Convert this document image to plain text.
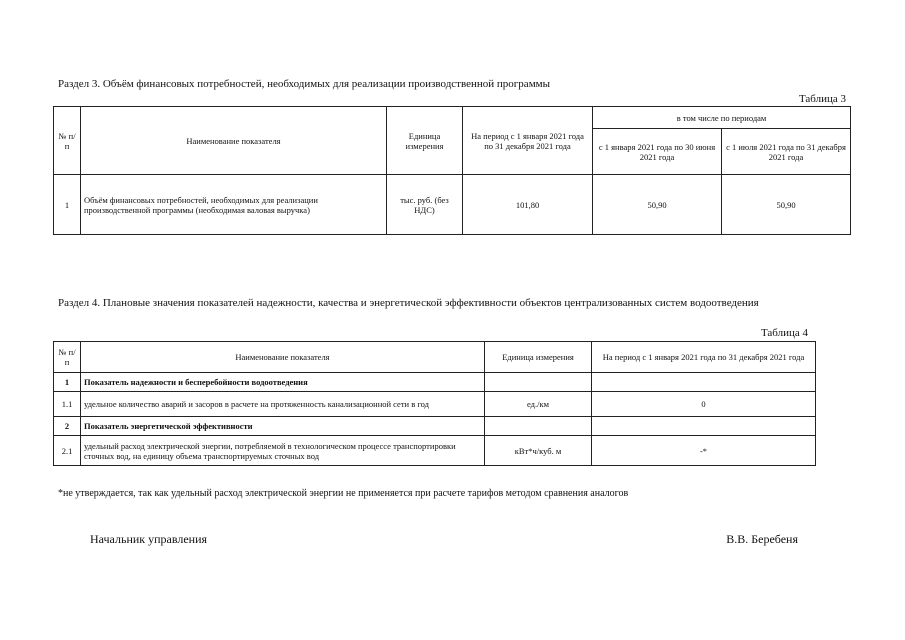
Раздел 3. Объём финансовых потребностей, необходимых для реализации производственной программы
Таблица 3
№ п/п	Наименование показателя	Единица измерения	На период с 1 января 2021 года по 31 декабря 2021 года	в том числе по периодам	
				с 1 января 2021 года по 30 июня 2021 года	с 1 июля 2021 года по 31 декабря 2021 года
1	Объём финансовых потребностей, необходимых для реализации производственной программы (необходимая валовая выручка)	тыс. руб. (без НДС)	101,80	50,90	50,90
Раздел 4. Плановые значения показателей надежности, качества и энергетической эффективности объектов централизованных систем водоотведения
Таблица 4
№ п/п	Наименование показателя	Единица измерения	На период с 1 января 2021 года по 31 декабря 2021 года
1	Показатель надежности и бесперебойности водоотведения		
1.1	удельное количество аварий и засоров в расчете на протяженность канализационной сети в год	ед./км	0
2	Показатель энергетической эффективности		
2.1	удельный расход электрической энергии, потребляемой в технологическом процессе транспортировки сточных вод, на единицу объема транспортируемых сточных вод	кВт*ч/куб. м	-*
*не утверждается, так как удельный расход электрической энергии не применяется при расчете тарифов методом сравнения аналогов
Начальник управления	В.В. Беребеня
